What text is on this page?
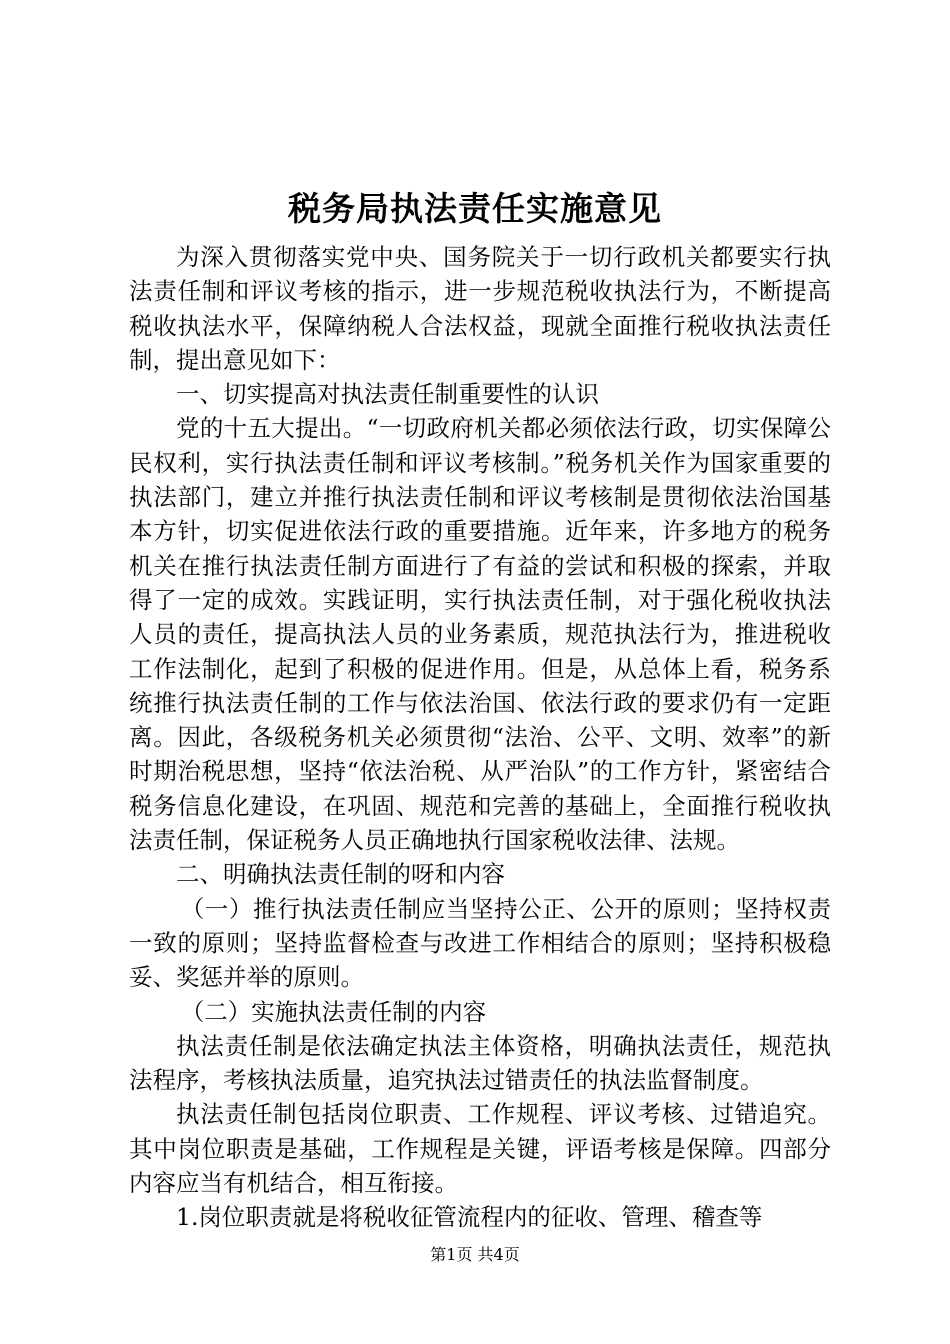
税务局执法责任实施意见

为深入贯彻落实党中央、国务院关于一切行政机关都要实行执法责任制和评议考核的指示，进一步规范税收执法行为，不断提高税收执法水平，保障纳税人合法权益，现就全面推行税收执法责任制，提出意见如下：

一、切实提高对执法责任制重要性的认识

党的十五大提出。“一切政府机关都必须依法行政，切实保障公民权利，实行执法责任制和评议考核制。”税务机关作为国家重要的执法部门，建立并推行执法责任制和评议考核制是贯彻依法治国基本方针，切实促进依法行政的重要措施。近年来，许多地方的税务机关在推行执法责任制方面进行了有益的尝试和积极的探索，并取得了一定的成效。实践证明，实行执法责任制，对于强化税收执法人员的责任，提高执法人员的业务素质，规范执法行为，推进税收工作法制化，起到了积极的促进作用。但是，从总体上看，税务系统推行执法责任制的工作与依法治国、依法行政的要求仍有一定距离。因此，各级税务机关必须贯彻“法治、公平、文明、效率”的新时期治税思想，坚持“依法治税、从严治队”的工作方针，紧密结合税务信息化建设，在巩固、规范和完善的基础上，全面推行税收执法责任制，保证税务人员正确地执行国家税收法律、法规。

二、明确执法责任制的呀和内容

（一）推行执法责任制应当坚持公正、公开的原则；坚持权责一致的原则；坚持监督检查与改进工作相结合的原则；坚持积极稳妥、奖惩并举的原则。

（二）实施执法责任制的内容

执法责任制是依法确定执法主体资格，明确执法责任，规范执法程序，考核执法质量，追究执法过错责任的执法监督制度。

执法责任制包括岗位职责、工作规程、评议考核、过错追究。其中岗位职责是基础，工作规程是关键，评语考核是保障。四部分内容应当有机结合，相互衔接。

1.岗位职责就是将税收征管流程内的征收、管理、稽查等

第1页 共4页
